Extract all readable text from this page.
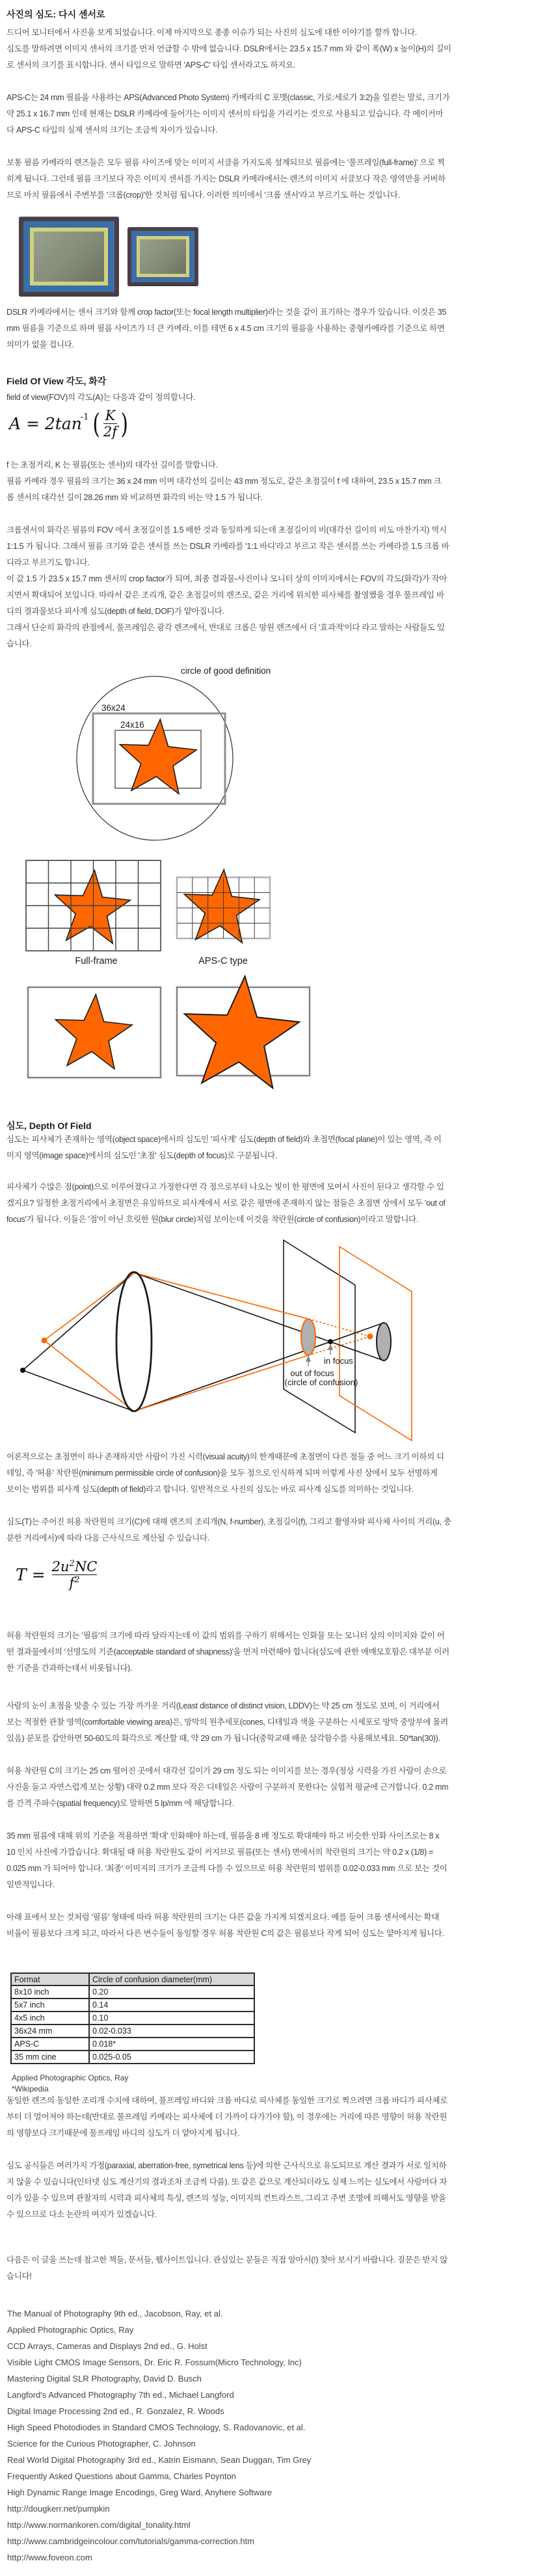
사진의 심도: 다시 센서로
드디어 모니터에서 사진을 보게 되었습니다. 이제 마지막으로 종종 이슈가 되는 사진의 심도에 대한 이야기를 할까 합니다.
심도를 말하려면 이미지 센서의 크기를 먼저 언급할 수 밖에 없습니다. DSLR에서는 23.5 x 15.7 mm 와 같이 폭(W) x 높이(H)의 길이
로 센서의 크기를 표시합니다. 센서 타입으로 말하면 'APS-C' 타입 센서라고도 하지요.
APS-C는 24 mm 필름을 사용하는 APS(Advanced Photo System) 카메라의 C 포맷(classic, 가로:세로가 3:2)을 일컫는 말로, 크기가
약 25.1 x 16.7 mm 인데 현재는 DSLR 카메라에 들어가는 이미지 센서의 타입을 가리키는 것으로 사용되고 있습니다. 각 메이커마
다 APS-C 타입의 실제 센서의 크기는 조금씩 차이가 있습니다.
보통 필름 카메라의 렌즈들은 모두 필름 사이즈에 맞는 이미지 서클을 가지도록 설계되므로 필름에는 '풀프레임(full-frame)' 으로 찍
히게 됩니다. 그런데 필름 크기보다 작은 이미지 센서를 가지는 DSLR 카메라에서는 렌즈의 이미지 서클보다 작은 영역만을 커버하
므로 마치 필름에서 주변부를 '크롭(crop)'한 것처럼 됩니다. 이러한 의미에서 '크롭 센서'라고 부르기도 하는 것입니다.
DSLR 카메라에서는 센서 크기와 함께 crop factor(또는 focal length multiplier)라는 것을 같이 표기하는 경우가 있습니다. 이것은 35
mm 필름을 기준으로 하며 필름 사이즈가 더 큰 카메라, 이를 테면 6 x 4.5 cm 크기의 필름을 사용하는 중형카메라를 기준으로 하면
의미가 없을 겁니다.
Field Of View 각도, 화각
field of view(FOV)의 각도(A)는 다음과 같이 정의합니다.
A = 2tan
$^{-1}$ ( $\frac{K}{2f}$ )
f 는 초점거리, K 는 필름(또는 센서)의 대각선 길이를 말합니다.
필름 카메라 경우 필름의 크기는 36 x 24 mm 이며 대각선의 길이는 43 mm 정도로, 같은 초점길이 f 에 대하여, 23.5 x 15.7 mm 크
롭 센서의 대각선 길이 28.26 mm 와 비교하면 화각의 비는 약 1.5 가 됩니다.
크롭센서의 화각은 필름의 FOV 에서 초점길이를 1.5 배한 것과 동일하게 되는데 초점길이의 비(대각선 길이의 비도 마찬가지) 역시
1:1.5 가 됩니다. 그래서 필름 크기와 같은 센서를 쓰는 DSLR 카메라를 '1:1 바디'라고 부르고 작은 센서를 쓰는 카메라를 1.5 크롭 바
디라고 부르기도 합니다.
이 값 1.5 가 23.5 x 15.7 mm 센서의 crop factor가 되며, 최종 결과물-사진이나 모니터 상의 이미지에서는 FOV의 각도(화각)가 작아
지면서 확대되어 보입니다. 따라서 같은 조리개, 같은 초점길이의 렌즈로, 같은 거리에 위치한 피사체를 촬영했을 경우 풀프레임 바
디의 결과물보다 피사계 심도(depth of field, DOF)가 얕아집니다.
그래서 단순히 화각의 관점에서, 풀프레임은 광각 렌즈에서, 반대로 크롭은 망원 렌즈에서 더 '효과적'이다 라고 말하는 사람들도 있
습니다.
circle of good definition
36x24
24x16
Full-frame	APS-C type
심도, Depth Of Field
심도는 피사체가 존재하는 영역(object space)에서의 심도인 '피사계' 심도(depth of field)와 초점면(focal plane)이 있는 영역, 즉 이
미지 영역(image space)에서의 심도인 '초점' 심도(depth of focus)로 구분됩니다.
피사체가 수많은 점(point)으로 이루어졌다고 가정한다면 각 점으로부터 나오는 빛이 한 평면에 모여서 사진이 된다고 생각할 수 있
겠지요? 일정한 초점거리에서 초점면은 유일하므로 피사계에서 서로 같은 평면에 존재하지 않는 점들은 초점면 상에서 모두 'out of
focus'가 됩니다. 이들은 '점'이 아닌 흐릿한 원(blur circle)처럼 보이는데 이것을 착란원(circle of confusion)이라고 말합니다.
in focus
out of focus
(circle of confusion)
이론적으로는 초점면이 하나 존재하지만 사람이 가진 시력(visual acuity)의 한계때문에 초점면이 다른 점들 중 어느 크기 이하의 디
테일, 즉 '허용' 착란원(minimum permissible circle of confusion)을 모두 점으로 인식하게 되며 이렇게 사진 상에서 모두 선명하게
보이는 범위를 피사계 심도(depth of field)라고 합니다. 일반적으로 사진의 심도는 바로 피사계 심도를 의미하는 것입니다.
심도(T)는 주어진 허용 착란원의 크기(C)에 대해 렌즈의 조리개(N, f-number), 초점길이(f), 그리고 촬영자와 피사체 사이의 거리(u, 충
분한 거리에서)에 따라 다음 근사식으로 계산될 수 있습니다.
$T = \frac{2u^2NC}{f^2}$
허용 착란원의 크기는 '필름'의 크기에 따라 달라지는데 이 값의 범위를 구하기 위해서는 인화물 또는 모니터 상의 이미지와 같이 어
떤 결과물에서의 '선명도의 기준(acceptable standard of shapness)'을 먼저 마련해야 합니다(심도에 관한 애매모호함은 대부분 이러
한 기준을 간과하는데서 비롯됩니다).
사람의 눈이 초점을 맞출 수 있는 가장 까가운 거리(Least distance of distinct vision, LDDV)는 약 25 cm 정도로 보며, 이 거리에서
보는 적절한 관찰 영역(comfortable viewing area)은, 망막의 원추세포(cones, 디테일과 색을 구분하는 시세포로 망막 중앙부에 몰려
있음) 분포를 감안하면 50-60도의 화각으로 계산할 때, 약 29 cm 가 됩니다(중학교때 배운 삼각함수를 사용해보세요. 50*tan(30)).
허용 착란원 C의 크기는 25 cm 떨어진 곳에서 대각선 길이가 29 cm 정도 되는 이미지를 보는 경우(정상 시력을 가진 사람이 손으로
사진을 들고 자연스럽게 보는 상황) 대략 0.2 mm 보다 작은 디테일은 사람이 구분하지 못한다는 실험적 평균에 근거합니다. 0.2 mm
를 간격 주파수(spatial frequency)로 말하면 5 lp/mm 에 해당합니다.
35 mm 필름에 대해 위의 기준을 적용하면 '확대' 인화해야 하는데, 필름을 8 배 정도로 확대해야 하고 비슷한 인화 사이즈로는 8 x
10 인치 사진에 가깝습니다. 확대될 때 허용 착란원도 같이 커지므로 필름(또는 센서) 면에서의 착란원의 크기는 약 0.2 x (1/8) =
0.025 mm 가 되어야 합니다. '최종' 이미지의 크기가 조금씩 다를 수 있으므로 허용 착란원의 범위를 0.02-0.033 mm 으로 보는 것이
일반적입니다.
아래 표에서 보는 것처럼 '필름' 형태에 따라 허용 착란원의 크기는 다른 값을 가지게 되겠지요다. 예를 들어 크롭 센서에서는 확대
비율이 필름보다 크게 되고, 따라서 다른 변수들이 동일할 경우 허용 착란원 C의 값은 필름보다 작게 되어 심도는 얕아지게 됩니다.
Format	Circle of confusion diameter(mm)
8x10 inch	0.20
5x7 inch	0.14
4x5 inch	0.10
36x24 mm	0.02-0.033
APS-C	0.018*
35 mm cine	0.025-0.05
Applied Photographic Optics, Ray
*Wikipedia
동일한 렌즈의 동일한 조리개 수치에 대하여, 풀프레임 바디와 크롭 바디로 피사체를 동일한 크기로 찍으려면 크롭 바디가 피사체로
부터 더 멀어져야 하는데(반대로 풀프레임 카메라는 피사체에 더 가까이 다가가야 함), 이 경우에는 거리에 따른 영향이 허용 착란원
의 영향보다 크기때문에 풀프레임 바디의 심도가 더 얕아지게 됩니다.
심도 공식들은 여러가지 가정(paraxial, aberration-free, symetrical lens 등)에 의한 근사식으로 유도되므로 계산 결과가 서로 일치하
지 않을 수 있습니다(인터넷 심도 계산기의 결과조차 조금씩 다름). 또 같은 값으로 계산되더라도 실제 느끼는 심도에서 사람마다 차
이가 있을 수 있으며 관찰자의 시력과 피사체의 특성, 렌즈의 성능, 이미지의 컨트라스트, 그리고 주변 조명에 의해서도 영향을 받을
수 있으므로 다소 논란의 여지가 있겠습니다.
다음은 이 글을 쓰는데 참고한 책들, 문서들, 웹사이트입니다. 관심있는 분들은 직접 알아서(!) 찾아 보시기 바랍니다. 질문은 받지 않
습니다!
The Manual of Photography 9th ed., Jacobson, Ray, et al.
Applied Photographic Optics, Ray
CCD Arrays, Cameras and Displays 2nd ed., G. Holst
Visible Light CMOS Image Sensors, Dr. Eric R. Fossum(Micro Technology, Inc)
Mastering Digital SLR Photography, David D. Busch
Langford's Advanced Photography 7th ed., Michael Langford
Digital Image Processing 2nd ed., R. Gonzalez, R. Woods
High Speed Photodiodes in Standard CMOS Technology, S. Radovanovic, et al.
Science for the Curious Photographer, C. Johnson
Real World Digital Photography 3rd ed., Katrin Eismann, Sean Duggan, Tim Grey
Frequently Asked Questions about Gamma, Charles Poynton
High Dynamic Range Image Encodings, Greg Ward, Anyhere Software
http://dougkerr.net/pumpkin
http://www.normankoren.com/digital_tonality.html
http://www.cambridgeincolour.com/tutorials/gamma-correction.htm
http://www.foveon.com
